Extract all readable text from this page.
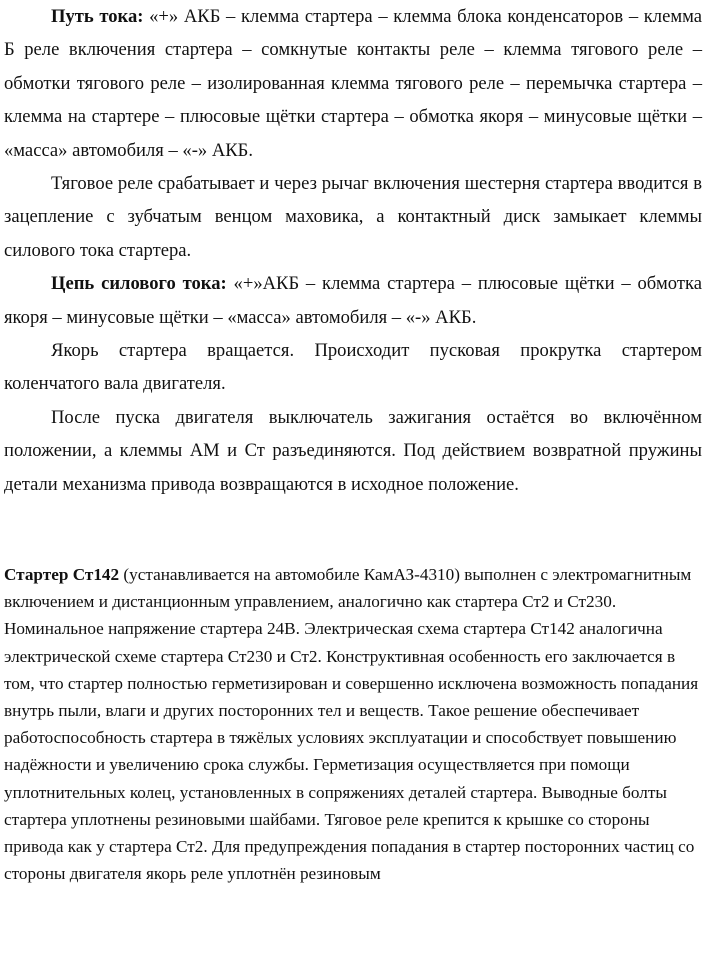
Путь тока: «+» АКБ – клемма стартера – клемма блока конденсаторов – клемма Б реле включения стартера – сомкнутые контакты реле – клемма тягового реле – обмотки тягового реле – изолированная клемма тягового реле – перемычка стартера – клемма на стартере – плюсовые щётки стартера – обмотка якоря – минусовые щётки – «масса» автомобиля – «-» АКБ.

Тяговое реле срабатывает и через рычаг включения шестерня стартера вводится в зацепление с зубчатым венцом маховика, а контактный диск замыкает клеммы силового тока стартера.

Цепь силового тока: «+»АКБ – клемма стартера – плюсовые щётки – обмотка якоря – минусовые щётки – «масса» автомобиля – «-» АКБ.

Якорь стартера вращается. Происходит пусковая прокрутка стартером коленчатого вала двигателя.

После пуска двигателя выключатель зажигания остаётся во включённом положении, а клеммы АМ и Ст разъединяются. Под действием возвратной пружины детали механизма привода возвращаются в исходное положение.

Стартер Ст142 (устанавливается на автомобиле КамАЗ-4310) выполнен с электромагнитным включением и дистанционным управлением, аналогично как стартера Ст2 и Ст230. Номинальное напряжение стартера 24В. Электрическая схема стартера Ст142 аналогична электрической схеме стартера Ст230 и Ст2. Конструктивная особенность его заключается в том, что стартер полностью герметизирован и совершенно исключена возможность попадания внутрь пыли, влаги и других посторонних тел и веществ. Такое решение обеспечивает работоспособность стартера в тяжёлых условиях эксплуатации и способствует повышению надёжности и увеличению срока службы. Герметизация осуществляется при помощи уплотнительных колец, установленных в сопряжениях деталей стартера. Выводные болты стартера уплотнены резиновыми шайбами. Тяговое реле крепится к крышке со стороны привода как у стартера Ст2. Для предупреждения попадания в стартер посторонних частиц со стороны двигателя якорь реле уплотнён резиновым
